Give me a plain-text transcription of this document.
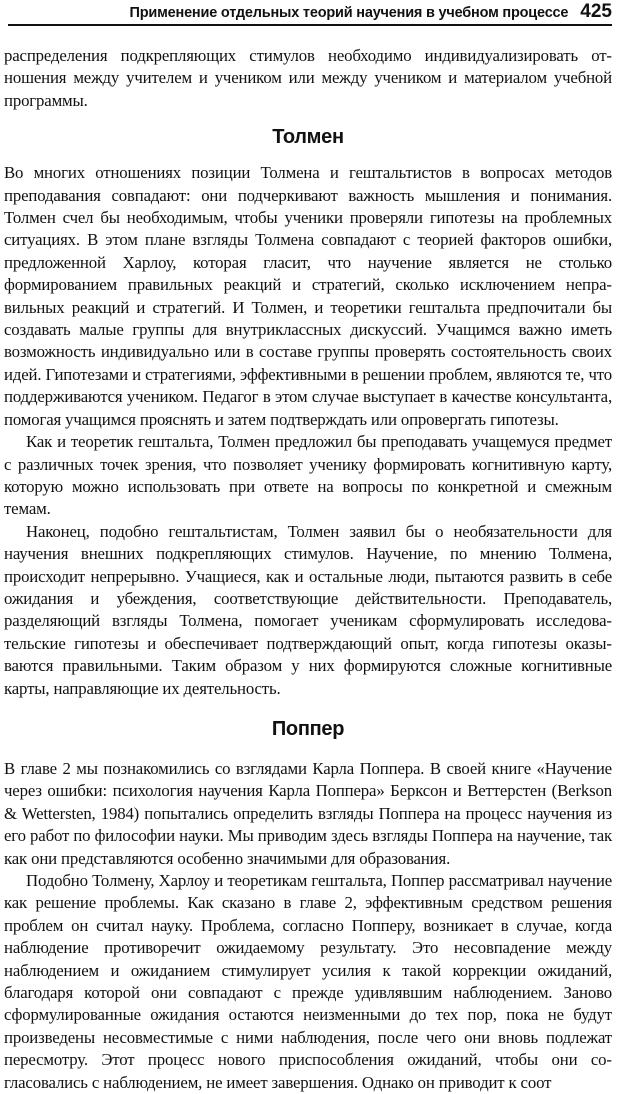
Применение отдельных теорий научения в учебном процессе 425

распределения подкрепляющих стимулов необходимо индивидуализировать отношения между учителем и учеником или между учеником и материалом учебной программы.

Толмен

Во многих отношениях позиции Толмена и гештальтистов в вопросах методов преподавания совпадают: они подчеркивают важность мышления и понимания. Толмен счел бы необходимым, чтобы ученики проверяли гипотезы на проблемных ситуациях. В этом плане взгляды Толмена совпадают с теорией факторов ошибки, предложенной Харлоу, которая гласит, что научение является не столько формированием правильных реакций и стратегий, сколько исключением неправильных реакций и стратегий. И Толмен, и теоретики гештальта предпочитали бы создавать малые группы для внутриклассных дискуссий. Учащимся важно иметь возможность индивидуально или в составе группы проверять состоятельность своих идей. Гипотезами и стратегиями, эффективными в решении проблем, являются те, что поддерживаются учеником. Педагог в этом случае выступает в качестве консультанта, помогая учащимся прояснять и затем подтверждать или опровергать гипотезы.

Как и теоретик гештальта, Толмен предложил бы преподавать учащемуся предмет с различных точек зрения, что позволяет ученику формировать когнитивную карту, которую можно использовать при ответе на вопросы по конкретной и смежным темам.

Наконец, подобно гештальтистам, Толмен заявил бы о необязательности для научения внешних подкрепляющих стимулов. Научение, по мнению Толмена, происходит непрерывно. Учащиеся, как и остальные люди, пытаются развить в себе ожидания и убеждения, соответствующие действительности. Преподаватель, разделяющий взгляды Толмена, помогает ученикам сформулировать исследовательские гипотезы и обеспечивает подтверждающий опыт, когда гипотезы оказываются правильными. Таким образом у них формируются сложные когнитивные карты, направляющие их деятельность.

Поппер

В главе 2 мы познакомились со взглядами Карла Поппера. В своей книге «Научение через ошибки: психология научения Карла Поппера» Берксон и Веттерстен (Berkson & Wettersten, 1984) попытались определить взгляды Поппера на процесс научения из его работ по философии науки. Мы приводим здесь взгляды Поппера на научение, так как они представляются особенно значимыми для образования.

Подобно Толмену, Харлоу и теоретикам гештальта, Поппер рассматривал научение как решение проблемы. Как сказано в главе 2, эффективным средством решения проблем он считал науку. Проблема, согласно Попперу, возникает в случае, когда наблюдение противоречит ожидаемому результату. Это несовпадение между наблюдением и ожиданием стимулирует усилия к такой коррекции ожиданий, благодаря которой они совпадают с прежде удивлявшим наблюдением. Заново сформулированные ожидания остаются неизменными до тех пор, пока не будут произведены несовместимые с ними наблюдения, после чего они вновь подлежат пересмотру. Этот процесс нового приспособления ожиданий, чтобы они согласовались с наблюдением, не имеет завершения. Однако он приводит к соот
